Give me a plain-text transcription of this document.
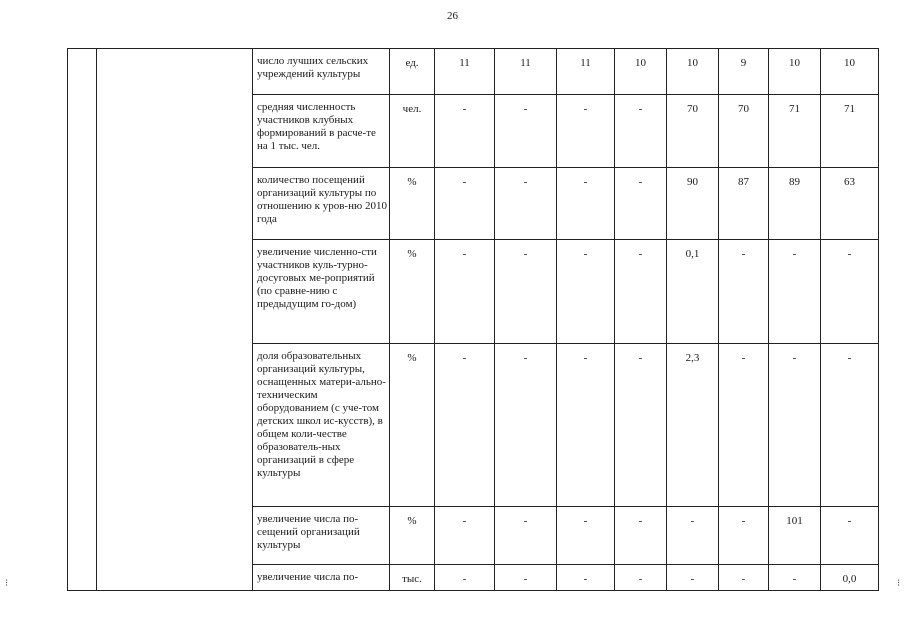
26
		число лучших сельских учреждений культуры	ед.	11	11	11	10	10	9	10	10
		средняя численность участников клубных формирований в расче-те на 1 тыс. чел.	чел.	-	-	-	-	70	70	71	71
		количество посещений организаций культуры по отношению к уров-ню 2010 года	%	-	-	-	-	90	87	89	63
		увеличение численно-сти участников куль-турно-досуговых ме-роприятий (по сравне-нию с предыдущим го-дом)	%	-	-	-	-	0,1	-	-	-
		доля образовательных организаций культуры, оснащенных матери-ально-техническим оборудованием (с уче-том детских школ ис-кусств), в общем коли-честве образователь-ных организаций в сфере культуры	%	-	-	-	-	2,3	-	-	-
		увеличение числа по-сещений организаций культуры	%	-	-	-	-	-	-	101	-
		увеличение числа по-	тыс.	-	-	-	-	-	-	-	0,0
⁝	⁝
